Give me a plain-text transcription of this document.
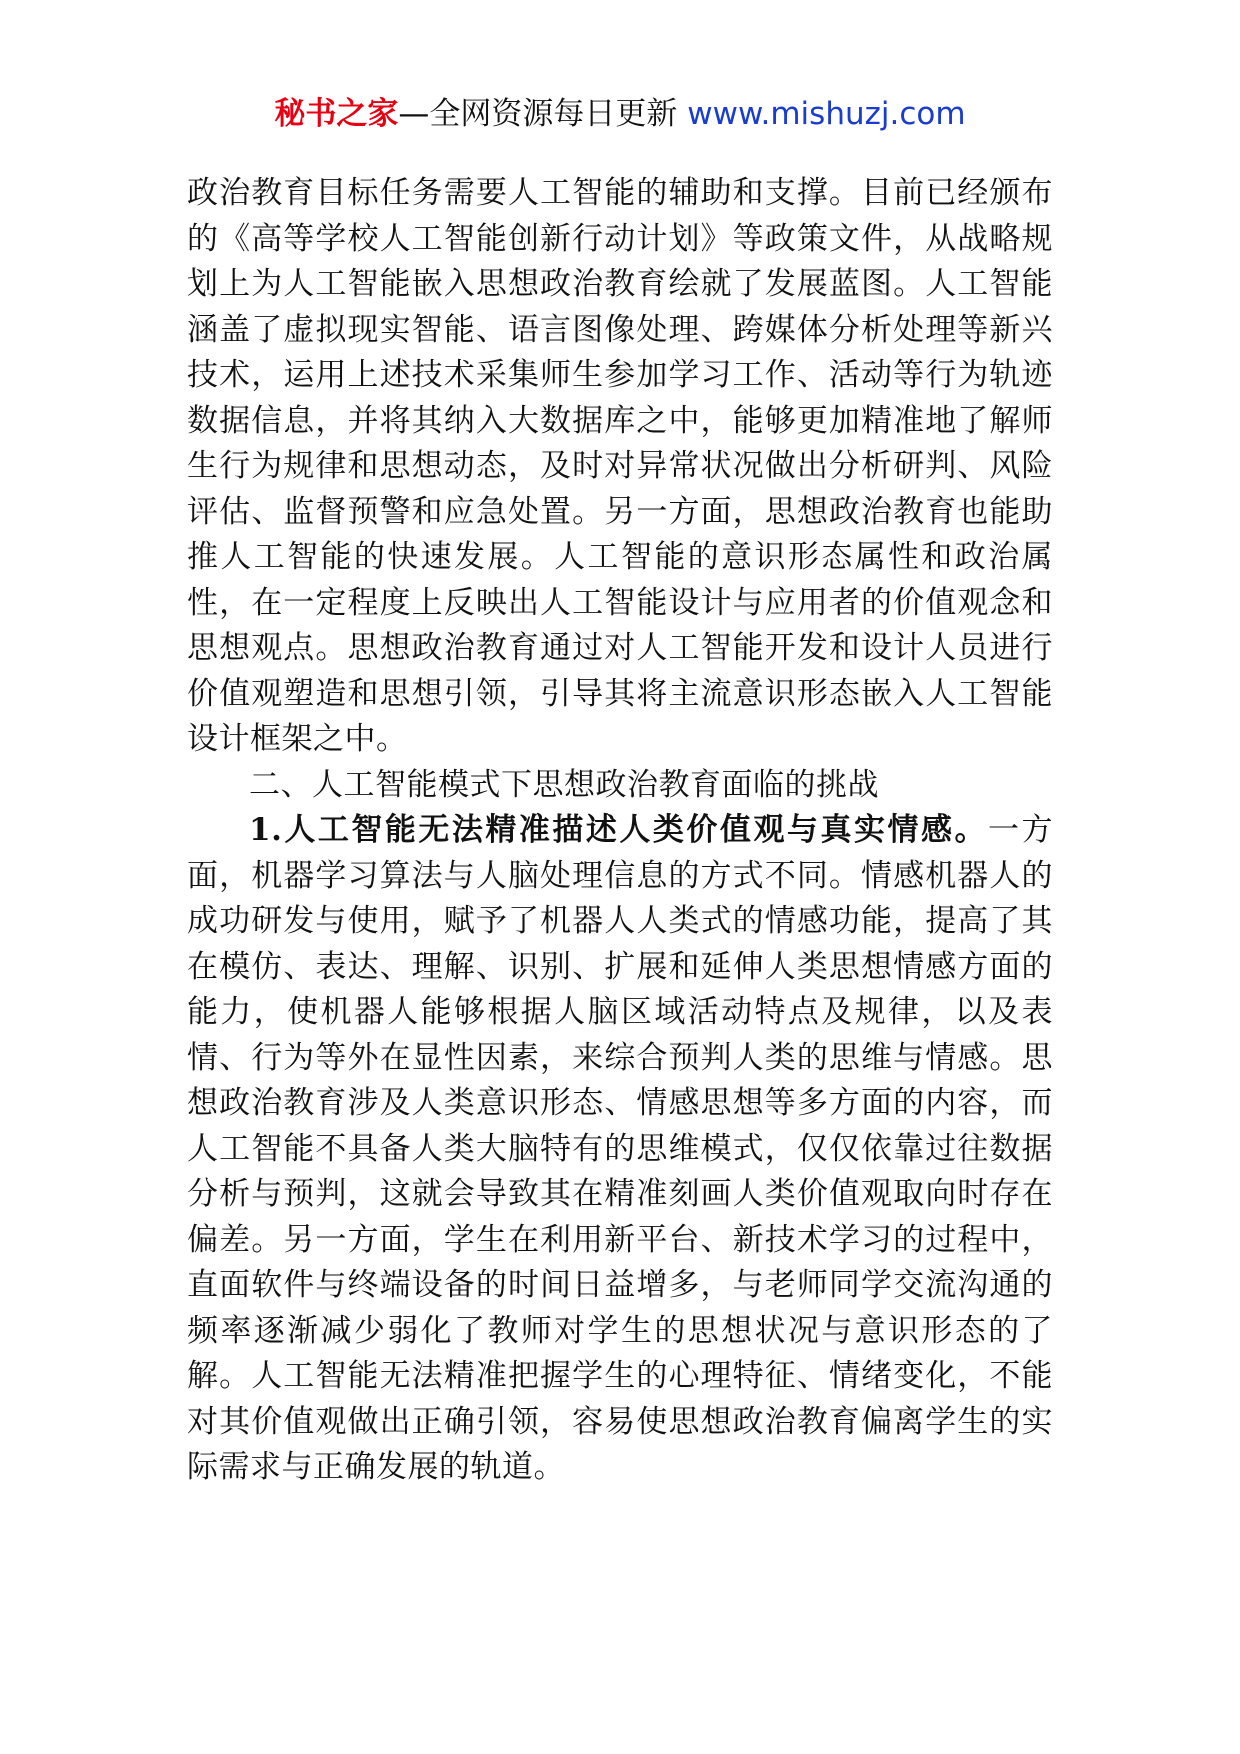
秘书之家—全网资源每日更新 www.mishuzj.com

政治教育目标任务需要人工智能的辅助和支撑。目前已经颁布的《高等学校人工智能创新行动计划》等政策文件，从战略规划上为人工智能嵌入思想政治教育绘就了发展蓝图。人工智能涵盖了虚拟现实智能、语言图像处理、跨媒体分析处理等新兴技术，运用上述技术采集师生参加学习工作、活动等行为轨迹数据信息，并将其纳入大数据库之中，能够更加精准地了解师生行为规律和思想动态，及时对异常状况做出分析研判、风险评估、监督预警和应急处置。另一方面，思想政治教育也能助推人工智能的快速发展。人工智能的意识形态属性和政治属性，在一定程度上反映出人工智能设计与应用者的价值观念和思想观点。思想政治教育通过对人工智能开发和设计人员进行价值观塑造和思想引领，引导其将主流意识形态嵌入人工智能设计框架之中。

二、人工智能模式下思想政治教育面临的挑战

1.人工智能无法精准描述人类价值观与真实情感。一方面，机器学习算法与人脑处理信息的方式不同。情感机器人的成功研发与使用，赋予了机器人人类式的情感功能，提高了其在模仿、表达、理解、识别、扩展和延伸人类思想情感方面的能力，使机器人能够根据人脑区域活动特点及规律，以及表情、行为等外在显性因素，来综合预判人类的思维与情感。思想政治教育涉及人类意识形态、情感思想等多方面的内容，而人工智能不具备人类大脑特有的思维模式，仅仅依靠过往数据分析与预判，这就会导致其在精准刻画人类价值观取向时存在偏差。另一方面，学生在利用新平台、新技术学习的过程中，直面软件与终端设备的时间日益增多，与老师同学交流沟通的频率逐渐减少弱化了教师对学生的思想状况与意识形态的了解。人工智能无法精准把握学生的心理特征、情绪变化，不能对其价值观做出正确引领，容易使思想政治教育偏离学生的实际需求与正确发展的轨道。
